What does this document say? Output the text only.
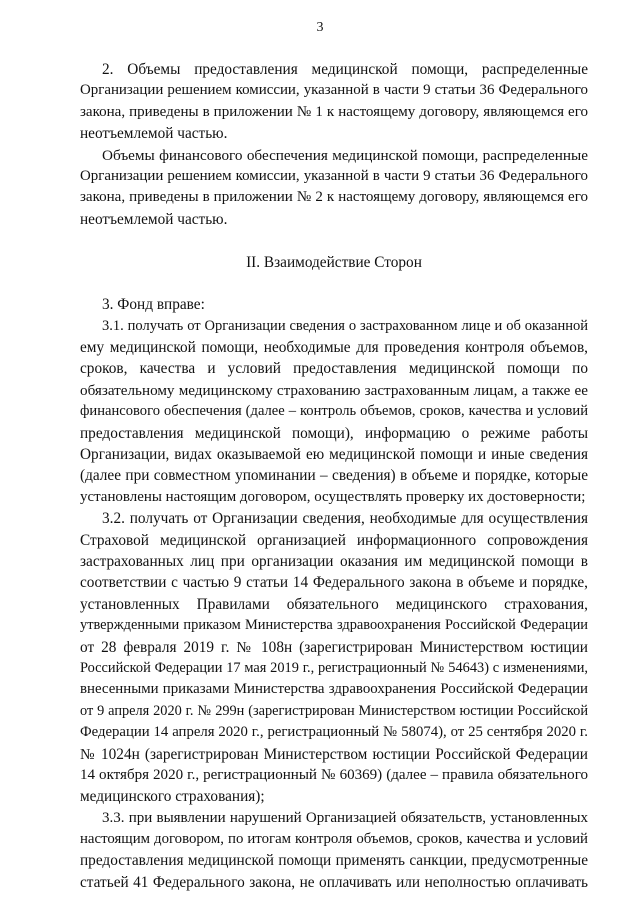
3
2. Объемы предоставления медицинской помощи, распределенные
Организации решением комиссии, указанной в части 9 статьи 36 Федерального
закона, приведены в приложении № 1 к настоящему договору, являющемся его
неотъемлемой частью.
Объемы финансового обеспечения медицинской помощи, распределенные
Организации решением комиссии, указанной в части 9 статьи 36 Федерального
закона, приведены в приложении № 2 к настоящему договору, являющемся его
неотъемлемой частью.
II. Взаимодействие Сторон
3. Фонд вправе:
3.1. получать от Организации сведения о застрахованном лице и об оказанной
ему медицинской помощи, необходимые для проведения контроля объемов,
сроков, качества и условий предоставления медицинской помощи по
обязательному медицинскому страхованию застрахованным лицам, а также ее
финансового обеспечения (далее – контроль объемов, сроков, качества и условий
предоставления медицинской помощи), информацию о режиме работы
Организации, видах оказываемой ею медицинской помощи и иные сведения
(далее при совместном упоминании – сведения) в объеме и порядке, которые
установлены настоящим договором, осуществлять проверку их достоверности;
3.2. получать от Организации сведения, необходимые для осуществления
Страховой медицинской организацией информационного сопровождения
застрахованных лиц при организации оказания им медицинской помощи в
соответствии с частью 9 статьи 14 Федерального закона в объеме и порядке,
установленных Правилами обязательного медицинского страхования,
утвержденными приказом Министерства здравоохранения Российской Федерации
от 28 февраля 2019 г. № 108н (зарегистрирован Министерством юстиции
Российской Федерации 17 мая 2019 г., регистрационный № 54643) с изменениями,
внесенными приказами Министерства здравоохранения Российской Федерации
от 9 апреля 2020 г. № 299н (зарегистрирован Министерством юстиции Российской
Федерации 14 апреля 2020 г., регистрационный № 58074), от 25 сентября 2020 г.
№ 1024н (зарегистрирован Министерством юстиции Российской Федерации
14 октября 2020 г., регистрационный № 60369) (далее – правила обязательного
медицинского страхования);
3.3. при выявлении нарушений Организацией обязательств, установленных
настоящим договором, по итогам контроля объемов, сроков, качества и условий
предоставления медицинской помощи применять санкции, предусмотренные
статьей 41 Федерального закона, не оплачивать или неполностью оплачивать
